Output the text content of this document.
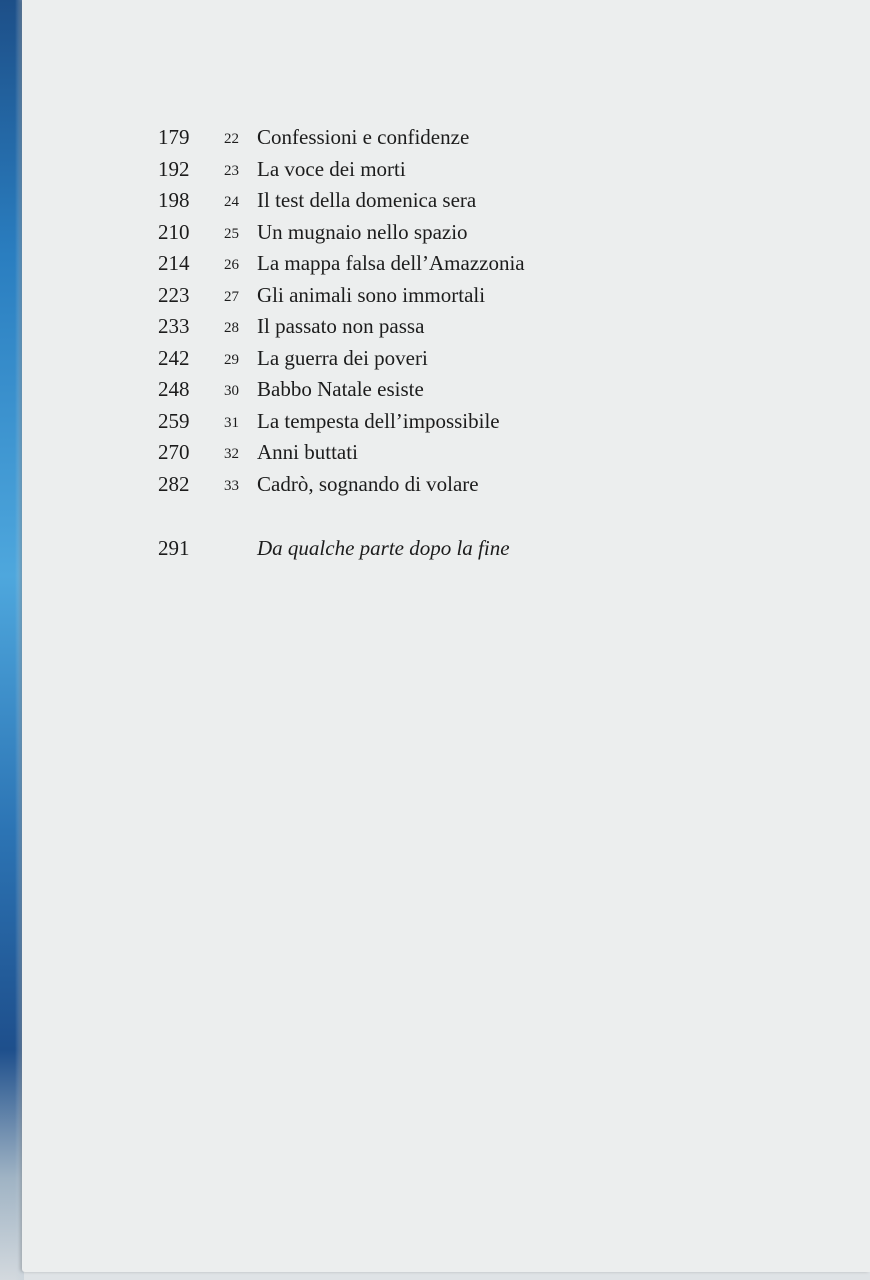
179 22 Confessioni e confidenze
192 23 La voce dei morti
198 24 Il test della domenica sera
210 25 Un mugnaio nello spazio
214 26 La mappa falsa dell’Amazzonia
223 27 Gli animali sono immortali
233 28 Il passato non passa
242 29 La guerra dei poveri
248 30 Babbo Natale esiste
259 31 La tempesta dell’impossibile
270 32 Anni buttati
282 33 Cadrò, sognando di volare
291	Da qualche parte dopo la fine
